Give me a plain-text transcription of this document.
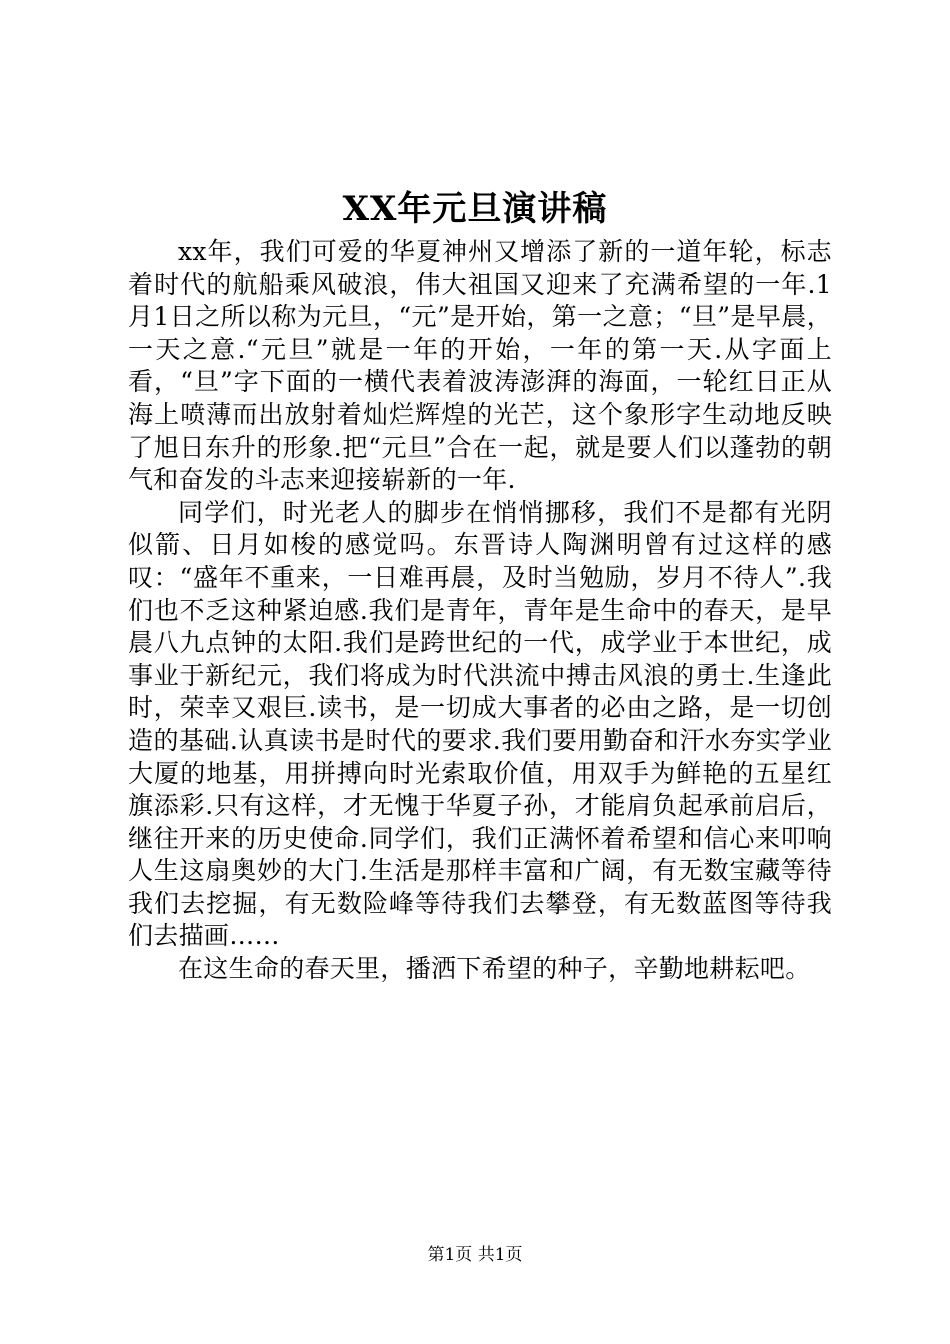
XX年元旦演讲稿

xx年，我们可爱的华夏神州又增添了新的一道年轮，标志着时代的航船乘风破浪，伟大祖国又迎来了充满希望的一年.1月1日之所以称为元旦，“元”是开始，第一之意；“旦”是早晨，一天之意.“元旦”就是一年的开始，一年的第一天.从字面上看，“旦”字下面的一横代表着波涛澎湃的海面，一轮红日正从海上喷薄而出放射着灿烂辉煌的光芒，这个象形字生动地反映了旭日东升的形象.把“元旦”合在一起，就是要人们以蓬勃的朝气和奋发的斗志来迎接崭新的一年.

同学们，时光老人的脚步在悄悄挪移，我们不是都有光阴似箭、日月如梭的感觉吗。东晋诗人陶渊明曾有过这样的感叹：“盛年不重来，一日难再晨，及时当勉励，岁月不待人”.我们也不乏这种紧迫感.我们是青年，青年是生命中的春天，是早晨八九点钟的太阳.我们是跨世纪的一代，成学业于本世纪，成事业于新纪元，我们将成为时代洪流中搏击风浪的勇士.生逢此时，荣幸又艰巨.读书，是一切成大事者的必由之路，是一切创造的基础.认真读书是时代的要求.我们要用勤奋和汗水夯实学业大厦的地基，用拼搏向时光索取价值，用双手为鲜艳的五星红旗添彩.只有这样，才无愧于华夏子孙，才能肩负起承前启后，继往开来的历史使命.同学们，我们正满怀着希望和信心来叩响人生这扇奥妙的大门.生活是那样丰富和广阔，有无数宝藏等待我们去挖掘，有无数险峰等待我们去攀登，有无数蓝图等待我们去描画……

在这生命的春天里，播洒下希望的种子，辛勤地耕耘吧。

第1页 共1页
